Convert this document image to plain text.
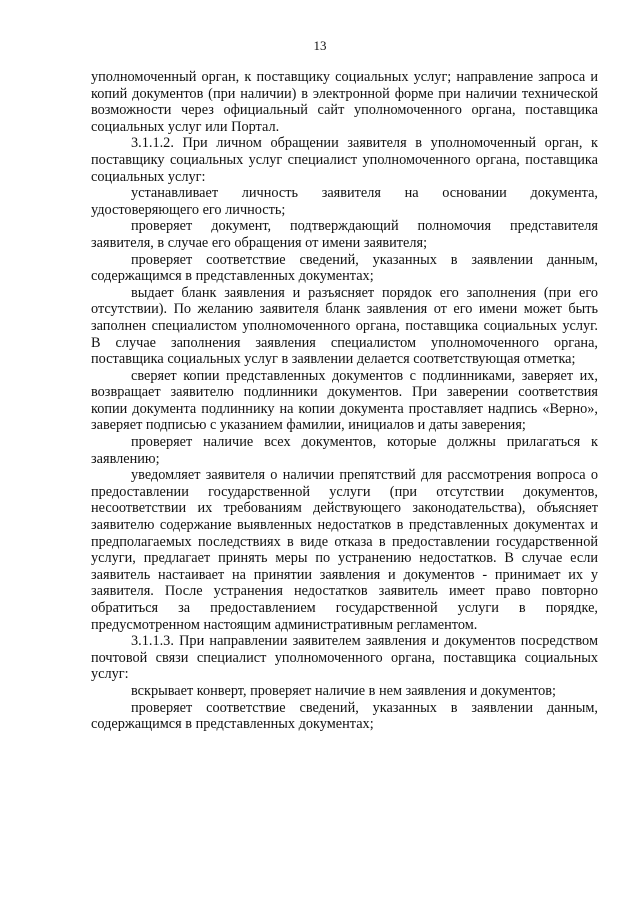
13

уполномоченный орган, к поставщику социальных услуг; направление запроса и копий документов (при наличии) в электронной форме при наличии технической возможности через официальный сайт уполномоченного органа, поставщика социальных услуг или Портал.

3.1.1.2. При личном обращении заявителя в уполномоченный орган, к поставщику социальных услуг специалист уполномоченного органа, поставщика социальных услуг:

устанавливает личность заявителя на основании документа, удостоверяющего его личность;

проверяет документ, подтверждающий полномочия представителя заявителя, в случае его обращения от имени заявителя;

проверяет соответствие сведений, указанных в заявлении данным, содержащимся в представленных документах;

выдает бланк заявления и разъясняет порядок его заполнения (при его отсутствии). По желанию заявителя бланк заявления от его имени может быть заполнен специалистом уполномоченного органа, поставщика социальных услуг. В случае заполнения заявления специалистом уполномоченного органа, поставщика социальных услуг в заявлении делается соответствующая отметка;

сверяет копии представленных документов с подлинниками, заверяет их, возвращает заявителю подлинники документов. При заверении соответствия копии документа подлиннику на копии документа проставляет надпись «Верно», заверяет подписью с указанием фамилии, инициалов и даты заверения;

проверяет наличие всех документов, которые должны прилагаться к заявлению;

уведомляет заявителя о наличии препятствий для рассмотрения вопроса о предоставлении государственной услуги (при отсутствии документов, несоответствии их требованиям действующего законодательства), объясняет заявителю содержание выявленных недостатков в представленных документах и предполагаемых последствиях в виде отказа в предоставлении государственной услуги, предлагает принять меры по устранению недостатков. В случае если заявитель настаивает на принятии заявления и документов - принимает их у заявителя. После устранения недостатков заявитель имеет право повторно обратиться за предоставлением государственной услуги в порядке, предусмотренном настоящим административным регламентом.

3.1.1.3. При направлении заявителем заявления и документов посредством почтовой связи специалист уполномоченного органа, поставщика социальных услуг:

вскрывает конверт, проверяет наличие в нем заявления и документов;

проверяет соответствие сведений, указанных в заявлении данным, содержащимся в представленных документах;
